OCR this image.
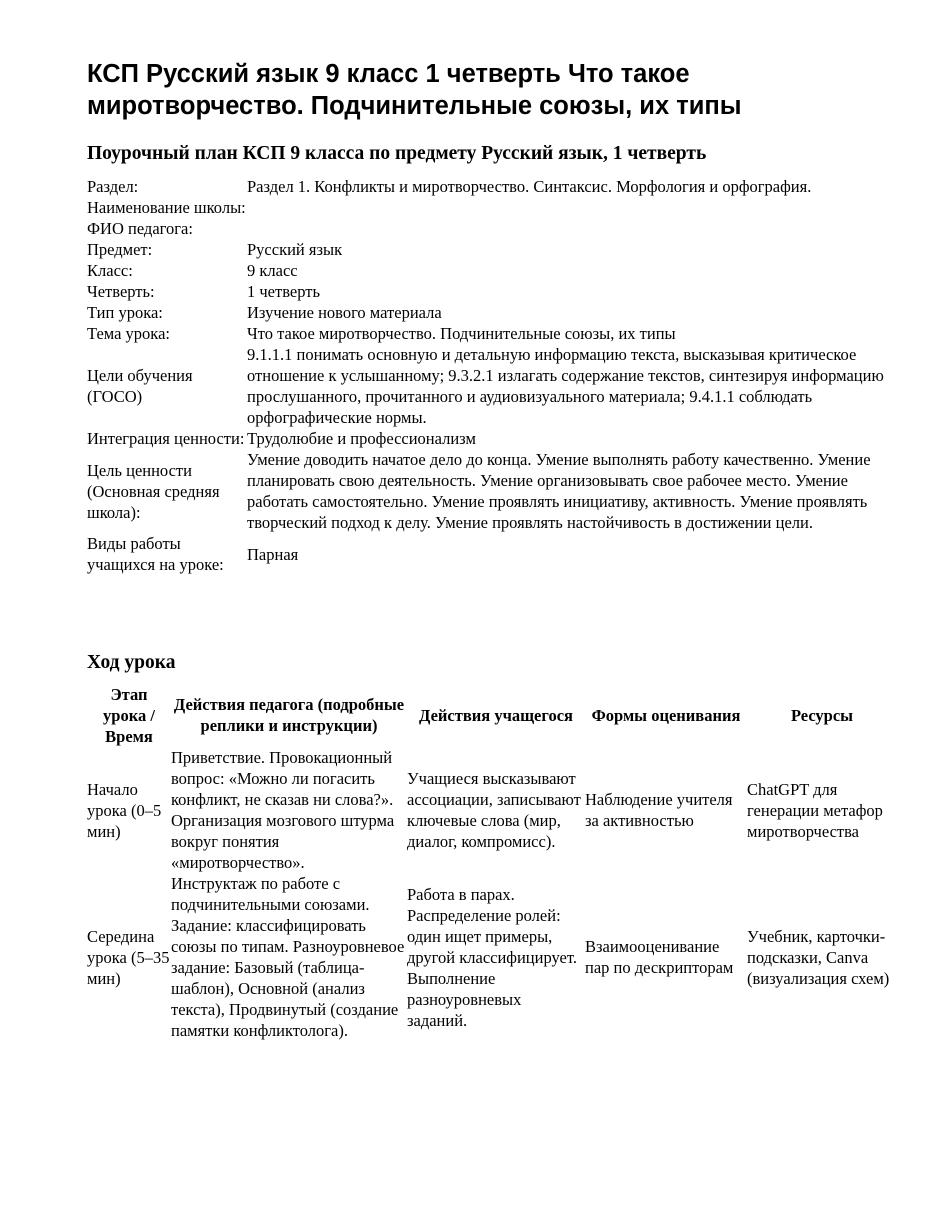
КСП Русский язык 9 класс 1 четверть Что такое миротворчество. Подчинительные союзы, их типы
Поурочный план КСП 9 класса по предмету Русский язык, 1 четверть
Раздел:	Раздел 1. Конфликты и миротворчество. Синтаксис. Морфология и орфография.
Наименование школы:	
ФИО педагога:	
Предмет:	Русский язык
Класс:	9 класс
Четверть:	1 четверть
Тип урока:	Изучение нового материала
Тема урока:	Что такое миротворчество. Подчинительные союзы, их типы
Цели обучения (ГОСО)	9.1.1.1 понимать основную и детальную информацию текста, высказывая критическое отношение к услышанному; 9.3.2.1 излагать содержание текстов, синтезируя информацию прослушанного, прочитанного и аудиовизуального материала; 9.4.1.1 соблюдать орфографические нормы.
Интеграция ценности:	Трудолюбие и профессионализм
Цель ценности (Основная средняя школа):	Умение доводить начатое дело до конца. Умение выполнять работу качественно. Умение планировать свою деятельность. Умение организовывать свое рабочее место. Умение работать самостоятельно. Умение проявлять инициативу, активность. Умение проявлять творческий подход к делу. Умение проявлять настойчивость в достижении цели.
Виды работы учащихся на уроке:	Парная
Ход урока
Этап урока / Время	Действия педагога (подробные реплики и инструкции)	Действия учащегося	Формы оценивания	Ресурсы
Начало урока (0–5 мин)	Приветствие. Провокационный вопрос: «Можно ли погасить конфликт, не сказав ни слова?». Организация мозгового штурма вокруг понятия «миротворчество».	Учащиеся высказывают ассоциации, записывают ключевые слова (мир, диалог, компромисс).	Наблюдение учителя за активностью	ChatGPT для генерации метафор миротворчества
Середина урока (5–35 мин)	Инструктаж по работе с подчинительными союзами. Задание: классифицировать союзы по типам. Разноуровневое задание: Базовый (таблица-шаблон), Основной (анализ текста), Продвинутый (создание памятки конфликтолога).	Работа в парах. Распределение ролей: один ищет примеры, другой классифицирует. Выполнение разноуровневых заданий.	Взаимооценивание пар по дескрипторам	Учебник, карточки-подсказки, Canva (визуализация схем)
